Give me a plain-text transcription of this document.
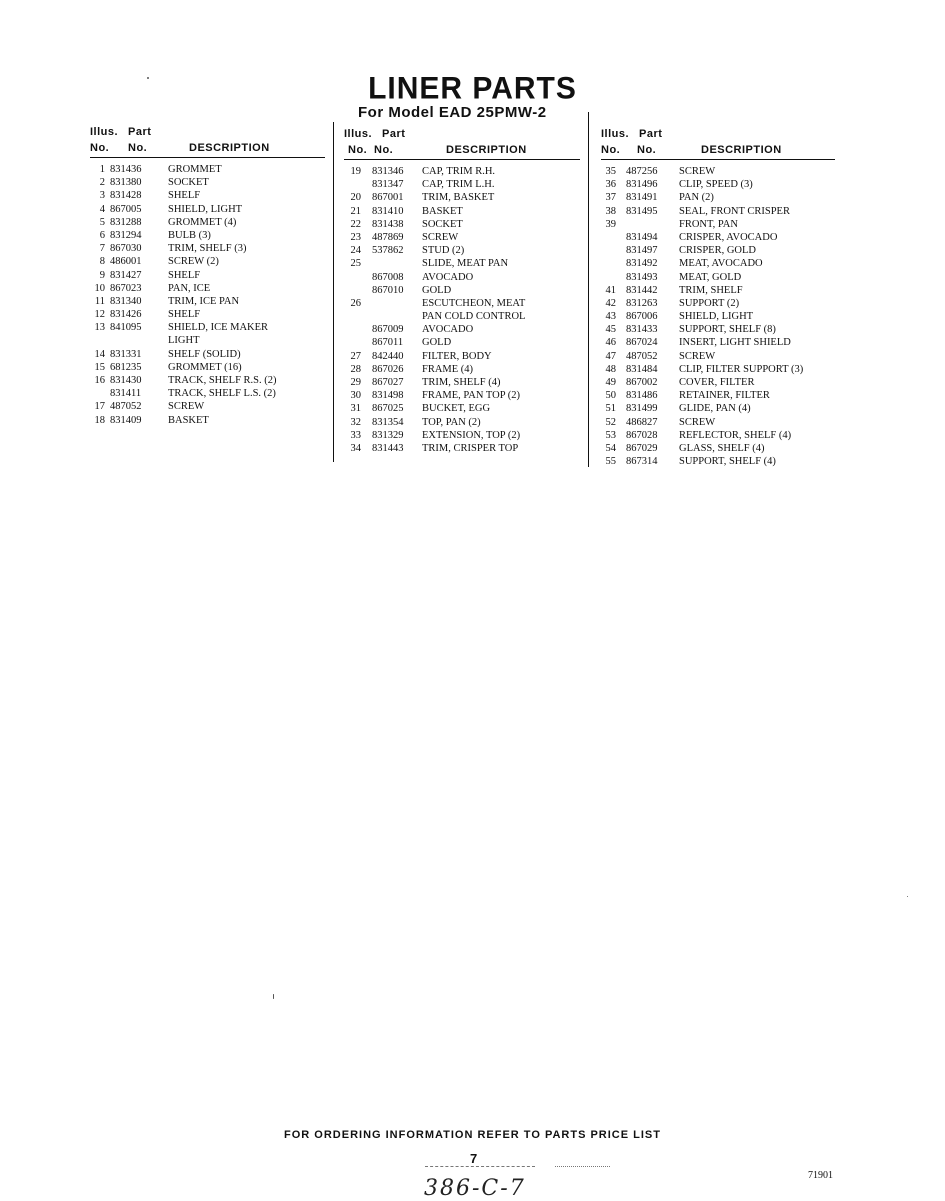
LINER PARTS
For Model EAD 25PMW-2
Illus. Part
No. No.	DESCRIPTION
1 831436	GROMMET
2 831380	SOCKET
3 831428	SHELF
4 867005	SHIELD, LIGHT
5 831288	GROMMET (4)
6 831294	BULB (3)
7 867030	TRIM, SHELF (3)
8 486001	SCREW (2)
9 831427	SHELF
10 867023	PAN, ICE
11 831340	TRIM, ICE PAN
12 831426	SHELF
13 841095	SHIELD, ICE MAKER
LIGHT
14 831331	SHELF (SOLID)
15 681235	GROMMET (16)
16 831430	TRACK, SHELF R.S. (2)
831411	TRACK, SHELF L.S. (2)
17 487052	SCREW
18 831409	BASKET
Illus. Part
No. No.	DESCRIPTION
19 831346 CAP, TRIM R.H.
831347 CAP, TRIM L.H.
20 867001 TRIM, BASKET
21 831410 BASKET
22 831438 SOCKET
23 487869 SCREW
24 537862 STUD (2)
25	SLIDE, MEAT PAN
867008 AVOCADO
867010 GOLD
26	ESCUTCHEON, MEAT
PAN COLD CONTROL
867009 AVOCADO
867011 GOLD
27 842440 FILTER, BODY
28 867026 FRAME (4)
29 867027 TRIM, SHELF (4)
30 831498 FRAME, PAN TOP (2)
31 867025 BUCKET, EGG
32 831354 TOP, PAN (2)
33 831329 EXTENSION, TOP (2)
34 831443 TRIM, CRISPER TOP
Illus. Part
No. No.	DESCRIPTION
35 487256 SCREW
36 831496 CLIP, SPEED (3)
37 831491 PAN (2)
38 831495 SEAL, FRONT CRISPER
39	FRONT, PAN
831494 CRISPER, AVOCADO
831497 CRISPER, GOLD
831492 MEAT, AVOCADO
831493 MEAT, GOLD
41 831442 TRIM, SHELF
42 831263 SUPPORT (2)
43 867006 SHIELD, LIGHT
45 831433 SUPPORT, SHELF (8)
46 867024 INSERT, LIGHT SHIELD
47 487052 SCREW
48 831484 CLIP, FILTER SUPPORT (3)
49 867002 COVER, FILTER
50 831486 RETAINER, FILTER
51 831499 GLIDE, PAN (4)
52 486827 SCREW
53 867028 REFLECTOR, SHELF (4)
54 867029 GLASS, SHELF (4)
55 867314 SUPPORT, SHELF (4)
FOR ORDERING INFORMATION REFER TO PARTS PRICE LIST
7
71901
386-C-7
